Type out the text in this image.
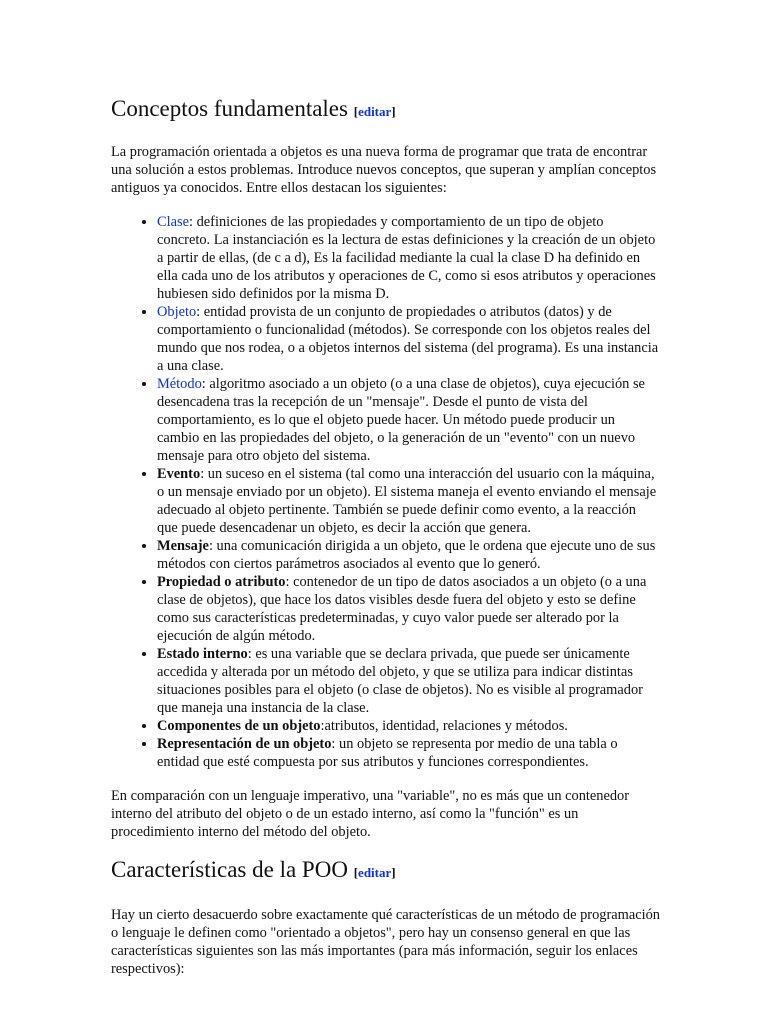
Conceptos fundamentales [editar]

La programación orientada a objetos es una nueva forma de programar que trata de encontrar una solución a estos problemas. Introduce nuevos conceptos, que superan y amplían conceptos antiguos ya conocidos. Entre ellos destacan los siguientes:

• Clase: definiciones de las propiedades y comportamiento de un tipo de objeto concreto. La instanciación es la lectura de estas definiciones y la creación de un objeto a partir de ellas, (de c a d), Es la facilidad mediante la cual la clase D ha definido en ella cada uno de los atributos y operaciones de C, como si esos atributos y operaciones hubiesen sido definidos por la misma D.
• Objeto: entidad provista de un conjunto de propiedades o atributos (datos) y de comportamiento o funcionalidad (métodos). Se corresponde con los objetos reales del mundo que nos rodea, o a objetos internos del sistema (del programa). Es una instancia a una clase.
• Método: algoritmo asociado a un objeto (o a una clase de objetos), cuya ejecución se desencadena tras la recepción de un "mensaje". Desde el punto de vista del comportamiento, es lo que el objeto puede hacer. Un método puede producir un cambio en las propiedades del objeto, o la generación de un "evento" con un nuevo mensaje para otro objeto del sistema.
• Evento: un suceso en el sistema (tal como una interacción del usuario con la máquina, o un mensaje enviado por un objeto). El sistema maneja el evento enviando el mensaje adecuado al objeto pertinente. También se puede definir como evento, a la reacción que puede desencadenar un objeto, es decir la acción que genera.
• Mensaje: una comunicación dirigida a un objeto, que le ordena que ejecute uno de sus métodos con ciertos parámetros asociados al evento que lo generó.
• Propiedad o atributo: contenedor de un tipo de datos asociados a un objeto (o a una clase de objetos), que hace los datos visibles desde fuera del objeto y esto se define como sus características predeterminadas, y cuyo valor puede ser alterado por la ejecución de algún método.
• Estado interno: es una variable que se declara privada, que puede ser únicamente accedida y alterada por un método del objeto, y que se utiliza para indicar distintas situaciones posibles para el objeto (o clase de objetos). No es visible al programador que maneja una instancia de la clase.
• Componentes de un objeto:atributos, identidad, relaciones y métodos.
• Representación de un objeto: un objeto se representa por medio de una tabla o entidad que esté compuesta por sus atributos y funciones correspondientes.

En comparación con un lenguaje imperativo, una "variable", no es más que un contenedor interno del atributo del objeto o de un estado interno, así como la "función" es un procedimiento interno del método del objeto.

Características de la POO [editar]

Hay un cierto desacuerdo sobre exactamente qué características de un método de programación o lenguaje le definen como "orientado a objetos", pero hay un consenso general en que las características siguientes son las más importantes (para más información, seguir los enlaces respectivos):
